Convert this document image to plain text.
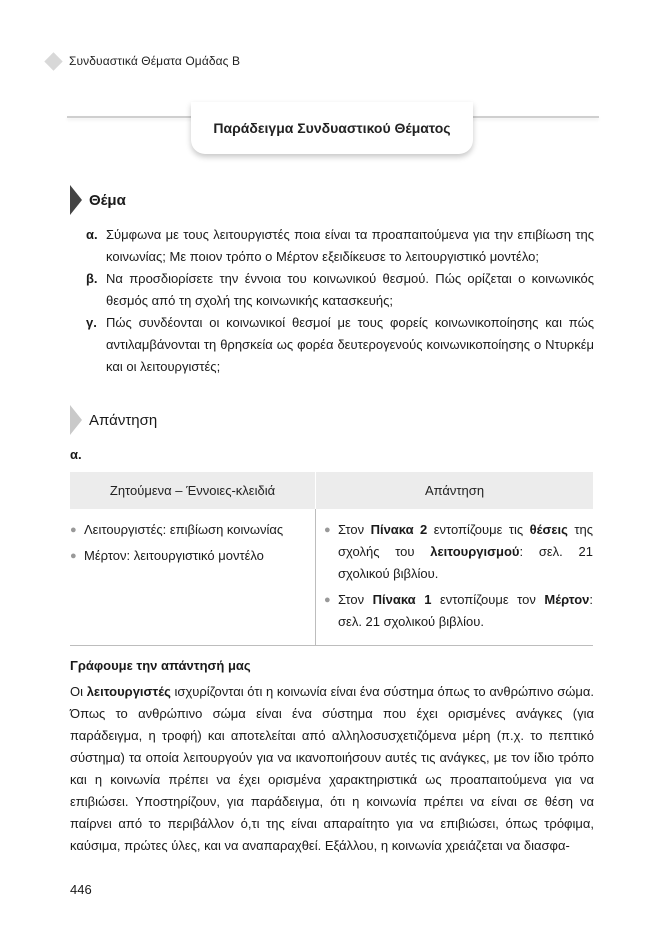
Συνδυαστικά Θέματα Ομάδας Β
Παράδειγμα Συνδυαστικού Θέματος
Θέμα
α. Σύμφωνα με τους λειτουργιστές ποια είναι τα προαπαιτούμενα για την επιβίωση της κοινωνίας; Με ποιον τρόπο ο Μέρτον εξειδίκευσε το λειτουργιστικό μοντέλο;
β. Να προσδιορίσετε την έννοια του κοινωνικού θεσμού. Πώς ορίζεται ο κοινωνικός θεσμός από τη σχολή της κοινωνικής κατασκευής;
γ. Πώς συνδέονται οι κοινωνικοί θεσμοί με τους φορείς κοινωνικοποίησης και πώς αντιλαμβάνονται τη θρησκεία ως φορέα δευτερογενούς κοινωνικοποίησης ο Ντυρκέμ και οι λειτουργιστές;
Απάντηση
α.
Ζητούμενα – Έννοιες-κλειδιά	Απάντηση
● Λειτουργιστές: επιβίωση κοινωνίας
● Μέρτον: λειτουργιστικό μοντέλο
● Στον Πίνακα 2 εντοπίζουμε τις θέσεις της σχολής του λειτουργισμού: σελ. 21 σχολικού βιβλίου.
● Στον Πίνακα 1 εντοπίζουμε τον Μέρτον: σελ. 21 σχολικού βιβλίου.
Γράφουμε την απάντησή μας
Οι λειτουργιστές ισχυρίζονται ότι η κοινωνία είναι ένα σύστημα όπως το ανθρώπινο σώμα. Όπως το ανθρώπινο σώμα είναι ένα σύστημα που έχει ορισμένες ανάγκες (για παράδειγμα, η τροφή) και αποτελείται από αλληλοσυσχετιζόμενα μέρη (π.χ. το πεπτικό σύστημα) τα οποία λειτουργούν για να ικανοποιήσουν αυτές τις ανάγκες, με τον ίδιο τρόπο και η κοινωνία πρέπει να έχει ορισμένα χαρακτηριστικά ως προαπαιτούμενα για να επιβιώσει. Υποστηρίζουν, για παράδειγμα, ότι η κοινωνία πρέπει να είναι σε θέση να παίρνει από το περιβάλλον ό,τι της είναι απαραίτητο για να επιβιώσει, όπως τρόφιμα, καύσιμα, πρώτες ύλες, και να αναπαραχθεί. Εξάλλου, η κοινωνία χρειάζεται να διασφα-
446
